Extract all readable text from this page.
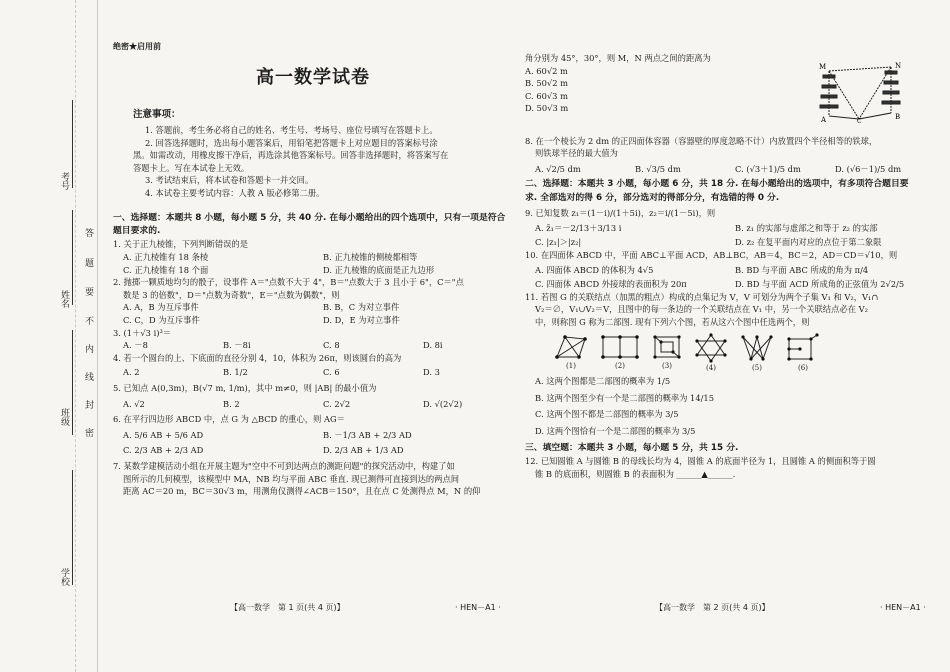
考号
姓名
班级
学校
答
题
要
不
内
线
封
密
绝密★启用前
高一数学试卷
注意事项：
1. 答题前，考生务必将自己的姓名、考生号、考场号、座位号填写在答题卡上。
2. 回答选择题时，选出每小题答案后，用铅笔把答题卡上对应题目的答案标号涂
黑。如需改动，用橡皮擦干净后，再选涂其他答案标号。回答非选择题时，将答案写在
答题卡上。写在本试卷上无效。
3. 考试结束后，将本试卷和答题卡一并交回。
4. 本试卷主要考试内容：人教 A 版必修第二册。
一、选择题：本题共 8 小题，每小题 5 分，共 40 分. 在每小题给出的四个选项中，只有一项是符合
题目要求的.
1. 关于正九棱锥，下列判断错误的是
A. 正九棱锥有 18 条棱	B. 正九棱锥的侧棱都相等
C. 正九棱锥有 18 个面	D. 正九棱锥的底面是正九边形
2. 抛掷一颗质地均匀的骰子，设事件 A＝"点数不大于 4"，B＝"点数大于 3 且小于 6"，C＝"点
数是 3 的倍数"，D＝"点数为奇数"，E＝"点数为偶数"，则
A. A，B 为互斥事件	B. B，C 为对立事件
C. C，D 为互斥事件	D. D，E 为对立事件
3. (1＋√3 i)³＝
A. －8	B. －8i	C. 8	D. 8i
4. 若一个圆台的上、下底面的直径分别 4，10，体积为 26π，则该圆台的高为
A. 2	B. 1/2	C. 6	D. 3
5. 已知点 A(0,3m)，B(√7 m, 1/m)，其中 m≠0，则 |AB| 的最小值为
A. √2	B. 2	C. 2√2	D. √(2√2)
6. 在平行四边形 ABCD 中，点 G 为 △BCD 的重心，则 AG＝
A. 5/6 AB + 5/6 AD	B. －1/3 AB + 2/3 AD
C. 2/3 AB + 2/3 AD	D. 2/3 AB + 1/3 AD
7. 某数学建模活动小组在开展主题为"空中不可到达两点的测距问题"的探究活动中，构建了如
图所示的几何模型，该模型中 MA，NB 均与平面 ABC 垂直. 现已测得可直接到达的两点间
距离 AC＝20 m，BC＝30√3 m，用测角仪测得∠ACB＝150°，且在点 C 处测得点 M，N 的仰
【高一数学　第 1 页(共 4 页)】	· HEN－A1 ·
角分别为 45°，30°，则 M，N 两点之间的距离为
A. 60√2 m
B. 50√2 m
C. 60√3 m
D. 50√3 m
M	N
A	B
C
8. 在一个棱长为 2 dm 的正四面体容器（容器壁的厚度忽略不计）内放置四个半径相等的铁球，
则铁球半径的最大值为
A. √2/5 dm	B. √3/5 dm	C. (√3＋1)/5 dm	D. (√6－1)/5 dm
二、选择题：本题共 3 小题，每小题 6 分，共 18 分. 在每小题给出的选项中，有多项符合题目要
求. 全部选对的得 6 分，部分选对的得部分分，有选错的得 0 分.
9. 已知复数 z₁＝(1－i)/(1＋5i)，z₂＝i/(1－5i)，则
A. z̄₁＝－2/13＋3/13 i	B. z₁ 的实部与虚部之和等于 z₂ 的实部
C. |z₁|＞|z₂|	D. z₂ 在复平面内对应的点位于第二象限
10. 在四面体 ABCD 中，平面 ABC⊥平面 ACD，AB⊥BC，AB＝4，BC＝2，AD＝CD＝√10，则
A. 四面体 ABCD 的体积为 4√5	B. BD 与平面 ABC 所成的角为 π/4
C. 四面体 ABCD 外接球的表面积为 20π	D. BD 与平面 ACD 所成角的正弦值为 2√2/5
11. 若图 G 的关联结点（加黑的粗点）构成的点集记为 V，V 可划分为两个子集 V₁ 和 V₂，V₁∩
V₂＝∅，V₁∪V₂＝V，且图中的每一条边的一个关联结点在 V₁ 中，另一个关联结点必在 V₂
中，则称图 G 称为二部图. 现有下列六个图，若从这六个图中任选两个，则
(1)	(2)	(3)	(4)	(5)	(6)
A. 这两个图都是二部图的概率为 1/5
B. 这两个图至少有一个是二部图的概率为 14/15
C. 这两个图不都是二部图的概率为 3/5
D. 这两个图恰有一个是二部图的概率为 3/5
三、填空题：本题共 3 小题，每小题 5 分，共 15 分.
12. 已知圆锥 A 与圆锥 B 的母线长均为 4，圆锥 A 的底面半径为 1，且圆锥 A 的侧面积等于圆
锥 B 的底面积，则圆锥 B 的表面积为 ______▲______.
【高一数学　第 2 页(共 4 页)】	· HEN－A1 ·
